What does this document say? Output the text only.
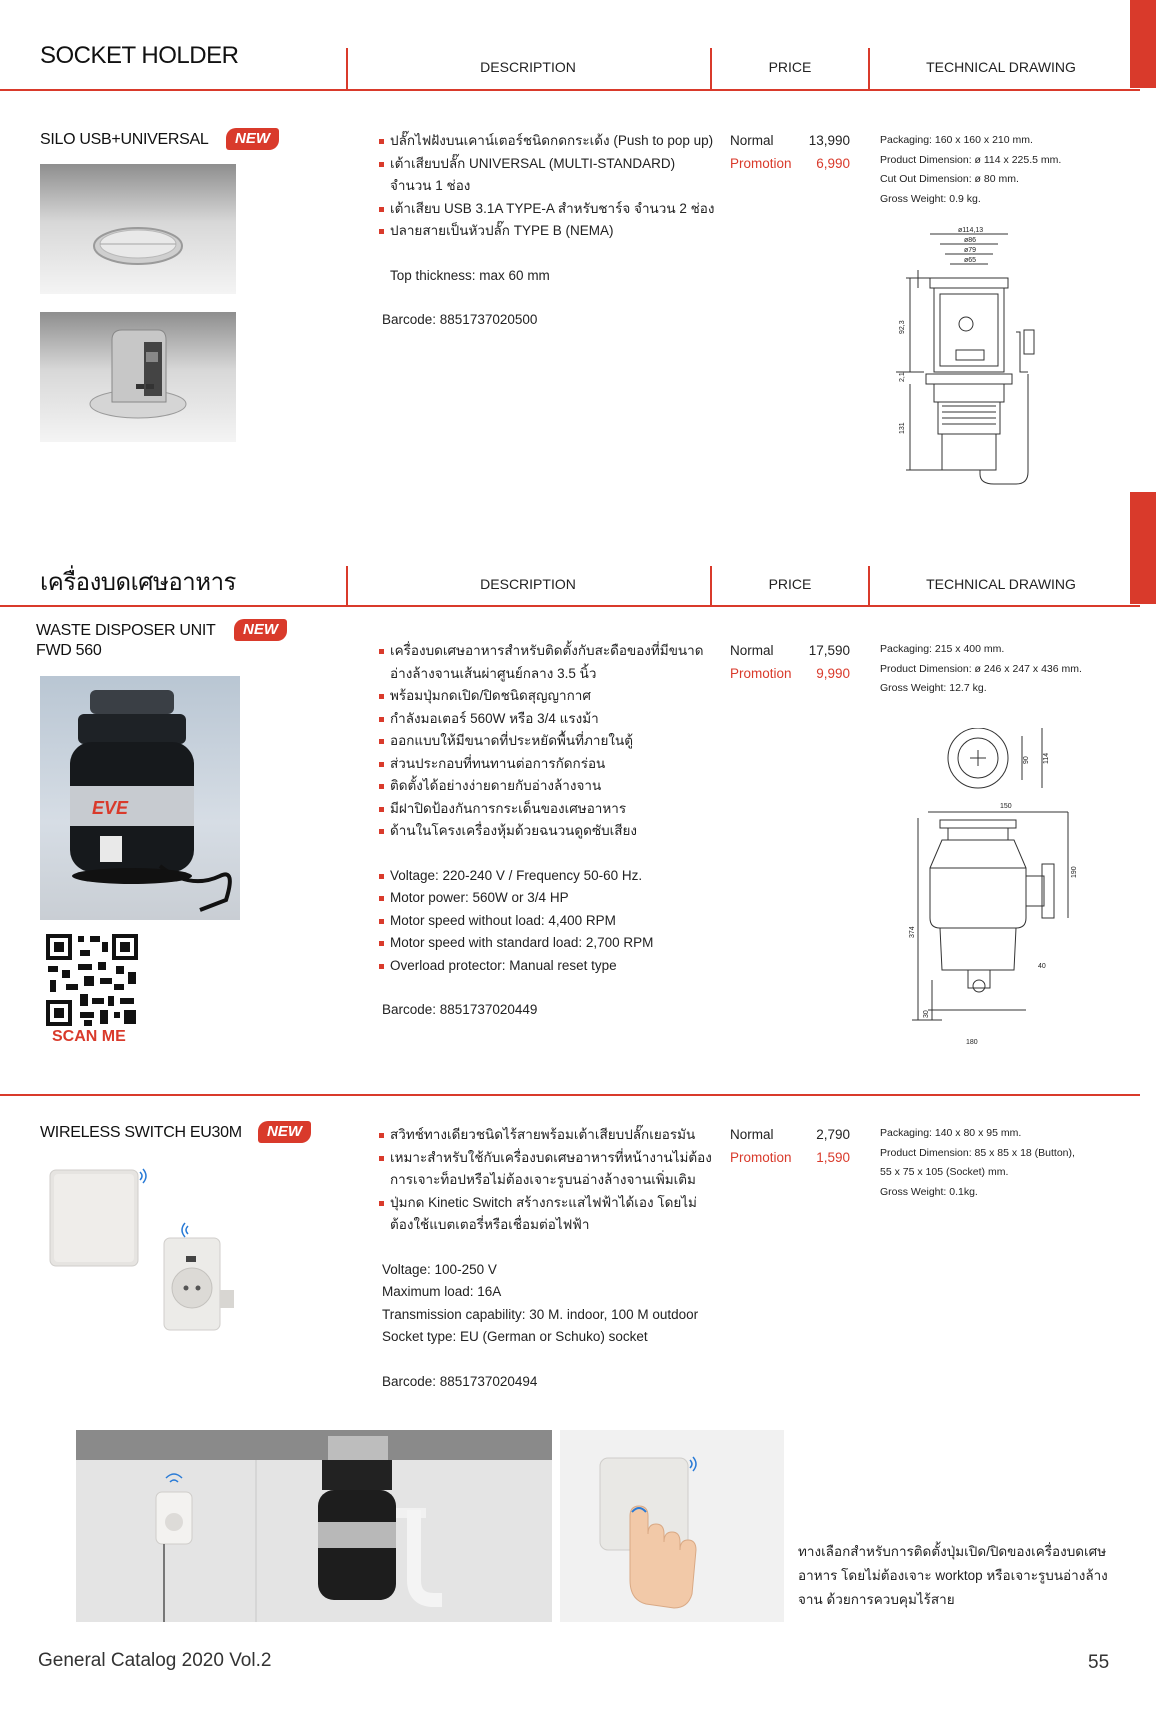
SOCKET HOLDER	DESCRIPTION	PRICE	TECHNICAL DRAWING
SILO USB+UNIVERSAL	NEW	ปลั๊กไฟฝังบนเคาน์เตอร์ชนิดกดกระเด้ง (Push to pop up)
เต้าเสียบปลั๊ก UNIVERSAL (MULTI-STANDARD) จำนวน 1 ช่อง
เต้าเสียบ USB 3.1A TYPE-A สำหรับชาร์จ จำนวน 2 ช่อง
ปลายสายเป็นหัวปลั๊ก TYPE B (NEMA)
Top thickness: max 60 mm
Barcode: 8851737020500
Normal	13,990
Promotion 6,990
Packaging: 160 x 160 x 210 mm.
Product Dimension: ø 114 x 225.5 mm.
Cut Out Dimension: ø 80 mm.
Gross Weight: 0.9 kg.
ø114,13
ø86
ø79
ø65
92,3
2,1
131
เครื่องบดเศษอาหาร	DESCRIPTION	PRICE	TECHNICAL DRAWING
WASTE DISPOSER UNIT
FWD 560
NEW
EVE
SCAN ME
เครื่องบดเศษอาหารสำหรับติดตั้งกับสะดือของที่มีขนาดอ่างล้างจานเส้นผ่าศูนย์กลาง 3.5 นิ้ว
พร้อมปุ่มกดเปิด/ปิดชนิดสุญญากาศ
กำลังมอเตอร์ 560W หรือ 3/4 แรงม้า
ออกแบบให้มีขนาดที่ประหยัดพื้นที่ภายในตู้
ส่วนประกอบที่ทนทานต่อการกัดกร่อน
ติดตั้งได้อย่างง่ายดายกับอ่างล้างจาน
มีฝาปิดป้องกันการกระเด็นของเศษอาหาร
ด้านในโครงเครื่องหุ้มด้วยฉนวนดูดซับเสียง
Voltage: 220-240 V / Frequency 50-60 Hz.
Motor power: 560W or 3/4 HP
Motor speed without load: 4,400 RPM
Motor speed with standard load: 2,700 RPM
Overload protector: Manual reset type
Barcode: 8851737020449
Normal	17,590
Promotion 9,990
Packaging: 215 x 400 mm.
Product Dimension: ø 246 x 247 x 436 mm.
Gross Weight: 12.7 kg.
90 114
150
190
374
40
30
180
WIRELESS SWITCH EU30M	NEW	สวิทช์ทางเดียวชนิดไร้สายพร้อมเต้าเสียบปลั๊กเยอรมัน
เหมาะสำหรับใช้กับเครื่องบดเศษอาหารที่หน้างานไม่ต้องการเจาะท็อปหรือไม่ต้องเจาะรูบนอ่างล้างจานเพิ่มเติม
ปุ่มกด Kinetic Switch สร้างกระแสไฟฟ้าได้เอง โดยไม่ต้องใช้แบตเตอรี่หรือเชื่อมต่อไฟฟ้า
Voltage: 100-250 V
Maximum load: 16A
Transmission capability: 30 M. indoor, 100 M outdoor
Socket type: EU (German or Schuko) socket
Barcode: 8851737020494
Normal	2,790
Promotion 1,590
Packaging: 140 x 80 x 95 mm.
Product Dimension: 85 x 85 x 18 (Button),
55 x 75 x 105 (Socket) mm.
Gross Weight: 0.1kg.
ทางเลือกสำหรับการติดตั้งปุ่มเปิด/ปิดของเครื่องบดเศษอาหาร โดยไม่ต้องเจาะ worktop หรือเจาะรูบนอ่างล้างจาน ด้วยการควบคุมไร้สาย
General Catalog 2020 Vol.2	55
